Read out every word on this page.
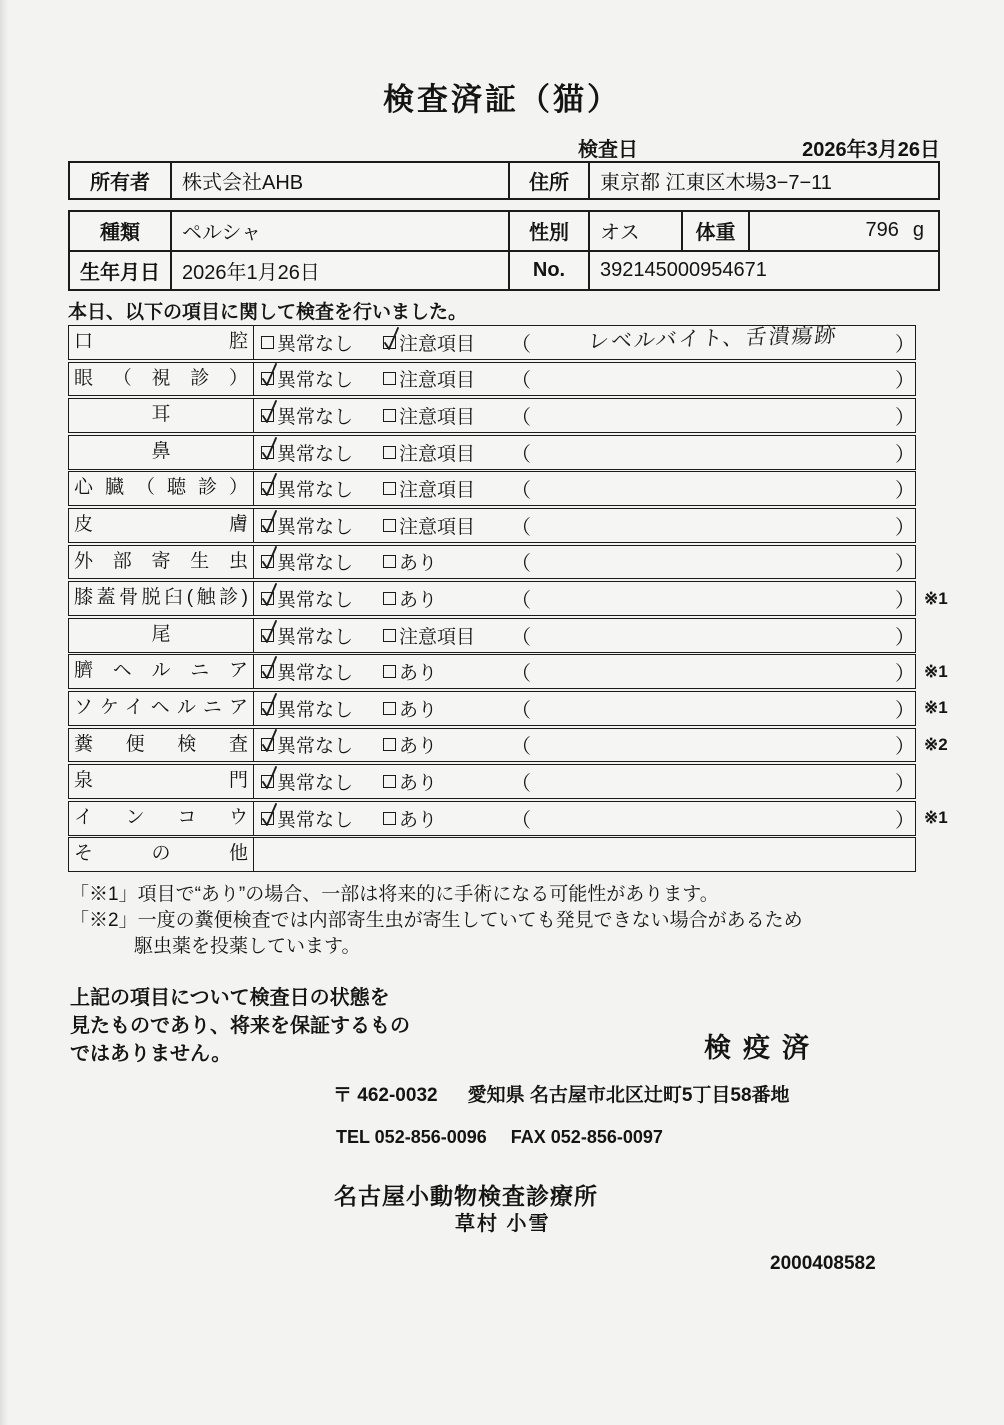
検査済証（猫）
検査日	2026年3月26日
所有者	株式会社AHB	住所	東京都 江東区木場3−7−11
種類	ペルシャ	性別	オス	体重	796 g
生年月日	2026年1月26日	No.	392145000954671

本日、以下の項目に関して検査を行いました。

口腔	異常なし 注意項目 （	レベルバイト、舌潰瘍跡	）
眼（視診）	異常なし 注意項目 （	）
耳	異常なし 注意項目 （	）
鼻	異常なし 注意項目 （	）
心臓（聴診）	異常なし 注意項目 （	）
皮膚	異常なし 注意項目 （	）
外部寄生虫	異常なし あり	（	）
膝蓋骨脱臼(触診)	異常なし あり	（	） ※1
尾	異常なし 注意項目 （	）
臍ヘルニア	異常なし あり	（	） ※1
ソケイヘルニア	異常なし あり	（	） ※1
糞便検査	異常なし あり	（	） ※2
泉門	異常なし あり	（	）
インコウ	異常なし あり	（	） ※1
その他
「※1」項目で“あり”の場合、一部は将来的に手術になる可能性があります。
「※2」一度の糞便検査では内部寄生虫が寄生していても発見できない場合があるため
駆虫薬を投薬しています。
上記の項目について検査日の状態を
見たものであり、将来を保証するもの
ではありません。	検疫済
〒 462-0032 愛知県 名古屋市北区辻町5丁目58番地
TEL 052-856-0096 FAX 052-856-0097
名古屋小動物検査診療所
草村 小雪
2000408582
